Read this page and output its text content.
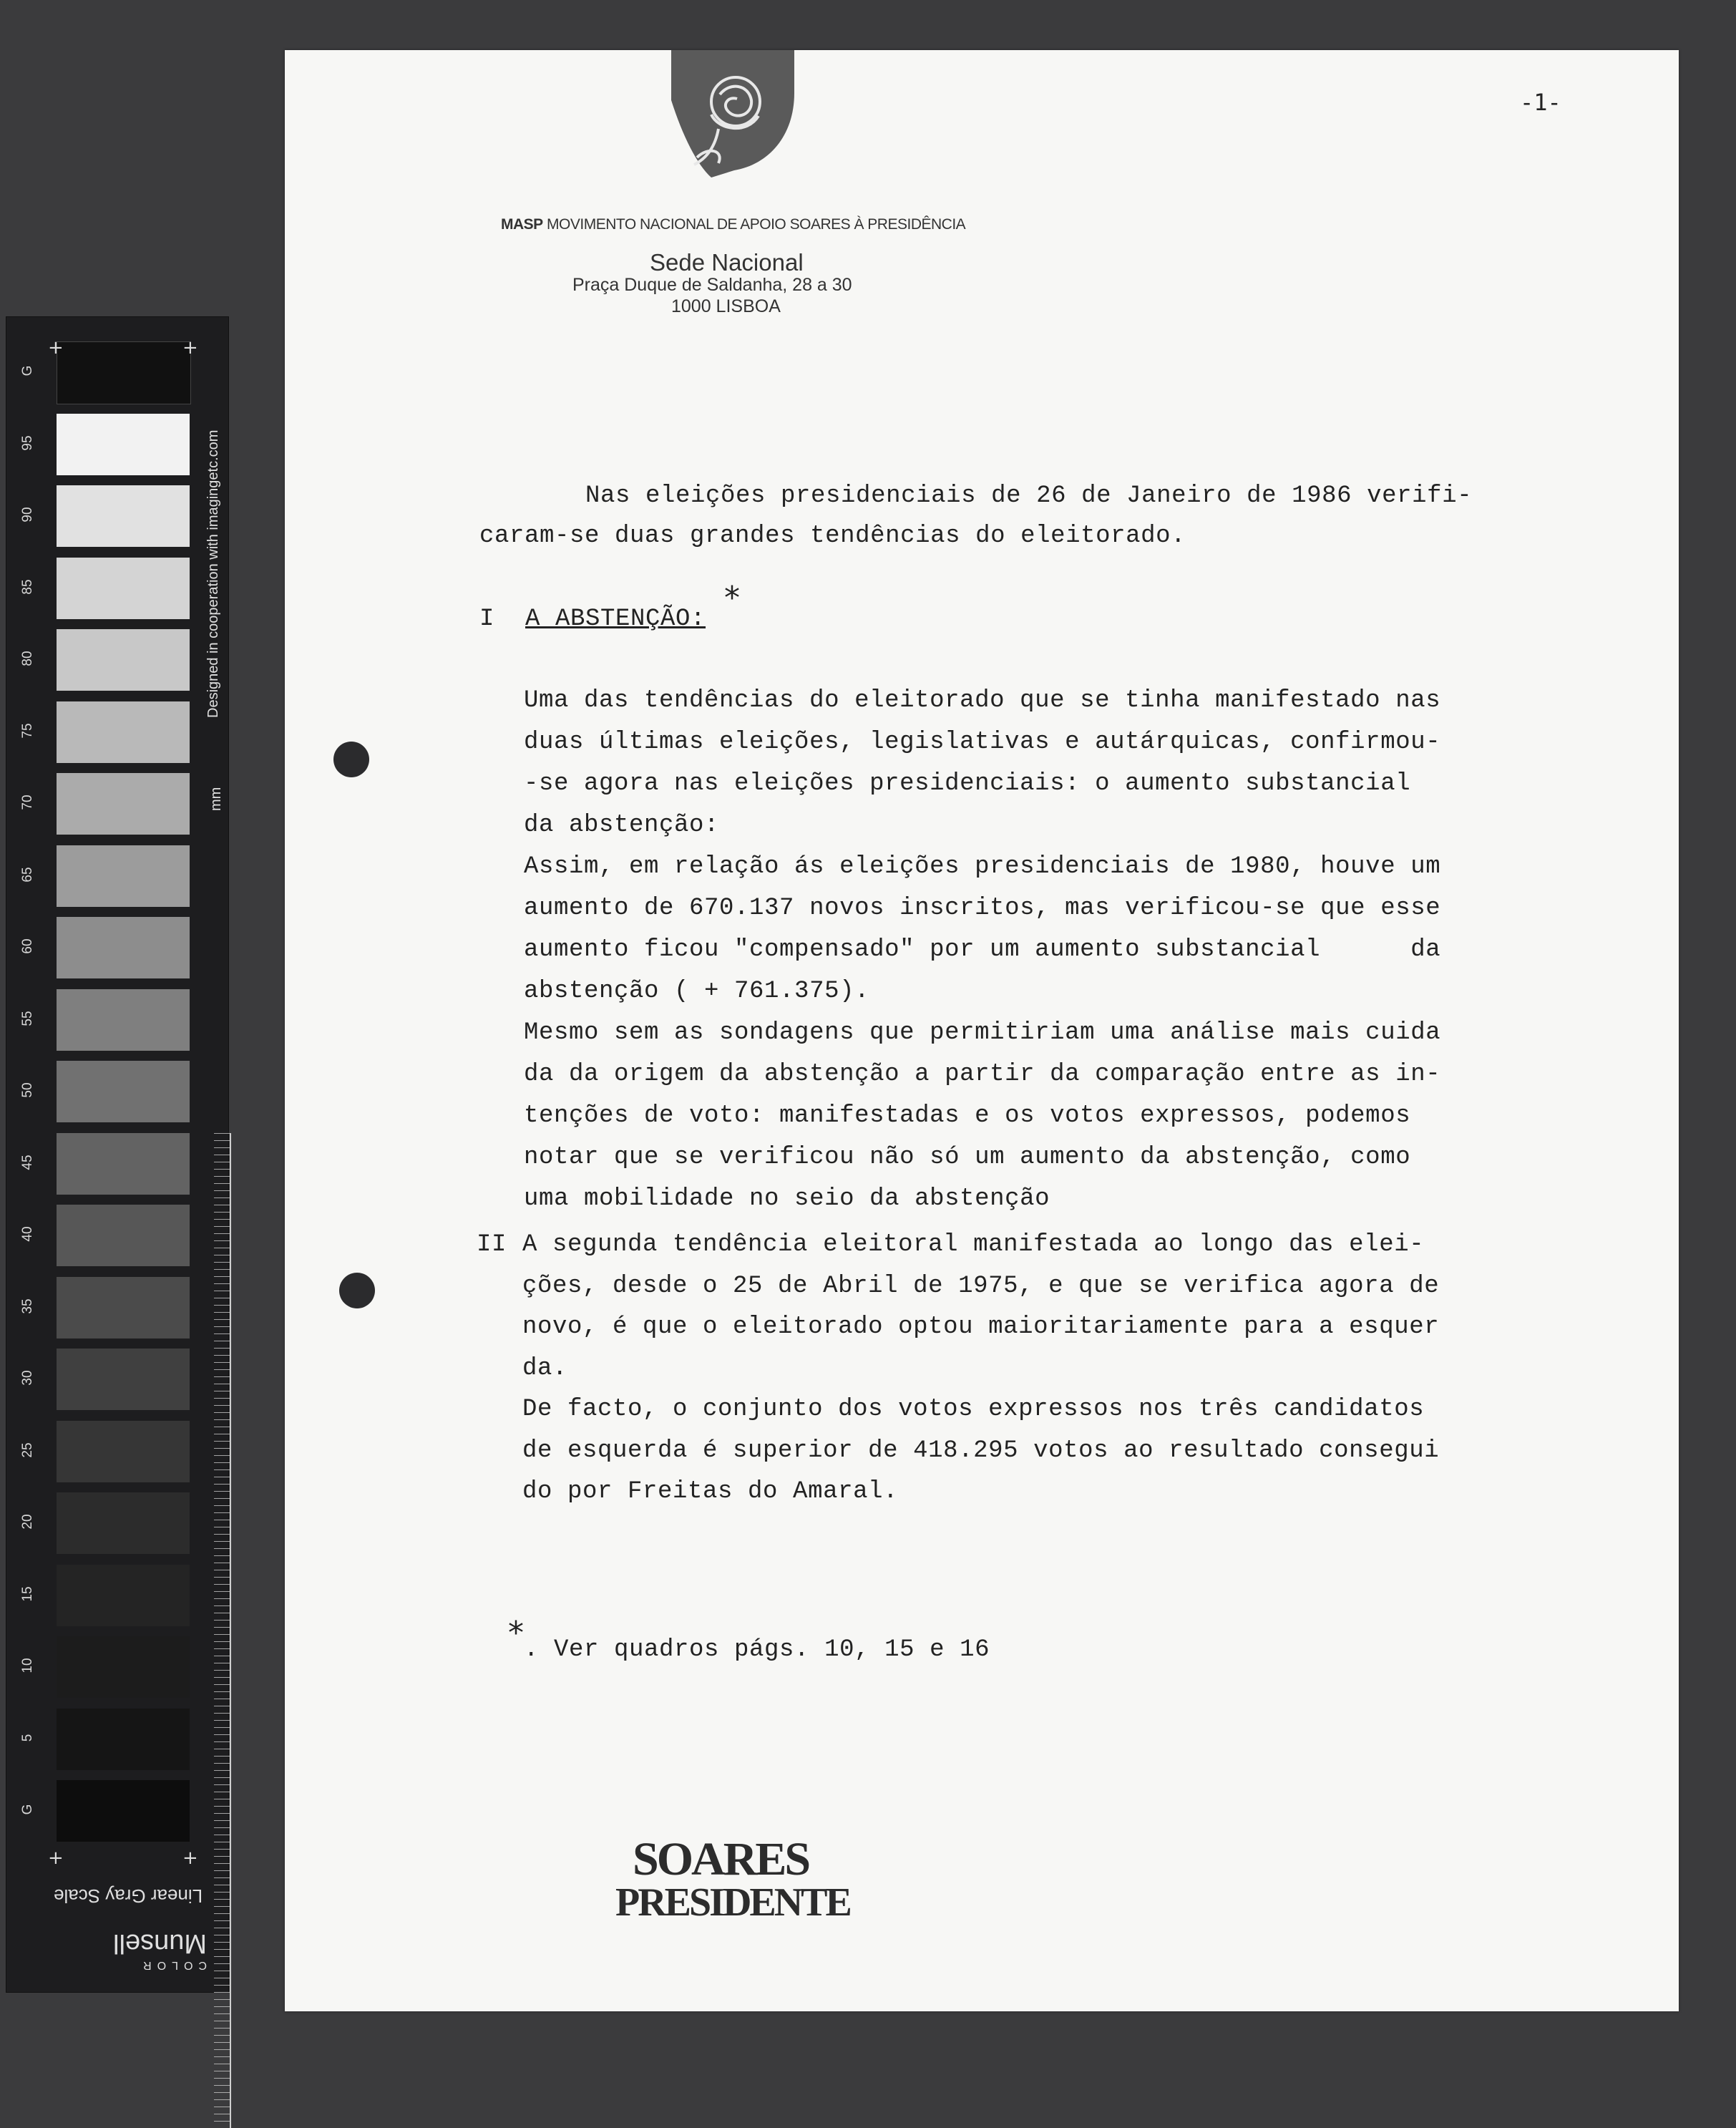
G
95
90
85
80
75
70
65
60
55
50
45
40
35
30
25
20
15
10
5
G
+	+
+	+
Designed in cooperation with imagingetc.com
mm
Linear Gray Scale
COLOR
Munsell
MASP MOVIMENTO NACIONAL DE APOIO SOARES À PRESIDÊNCIA
Sede Nacional
Praça Duque de Saldanha, 28 a 30
1000 LISBOA
-1-
Nas eleições presidenciais de 26 de Janeiro de 1986 verifi-
caram-se duas grandes tendências do eleitorado.
I A ABSTENÇÃO:
*
Uma das tendências do eleitorado que se tinha manifestado nas
duas últimas eleições, legislativas e autárquicas, confirmou-
-se agora nas eleições presidenciais: o aumento substancial
da abstenção:
Assim, em relação ás eleições presidenciais de 1980, houve um
aumento de 670.137 novos inscritos, mas verificou-se que esse
aumento ficou "compensado" por um aumento substancial      da
abstenção ( + 761.375).
Mesmo sem as sondagens que permitiriam uma análise mais cuida
da da origem da abstenção a partir da comparação entre as in-
tenções de voto: manifestadas e os votos expressos, podemos
notar que se verificou não só um aumento da abstenção, como
uma mobilidade no seio da abstenção
II A segunda tendência eleitoral manifestada ao longo das elei-
ções, desde o 25 de Abril de 1975, e que se verifica agora de
novo, é que o eleitorado optou maioritariamente para a esquer
da.
De facto, o conjunto dos votos expressos nos três candidatos
de esquerda é superior de 418.295 votos ao resultado consegui
do por Freitas do Amaral.
* . Ver quadros págs. 10, 15 e 16
SOARES
PRESIDENTE
